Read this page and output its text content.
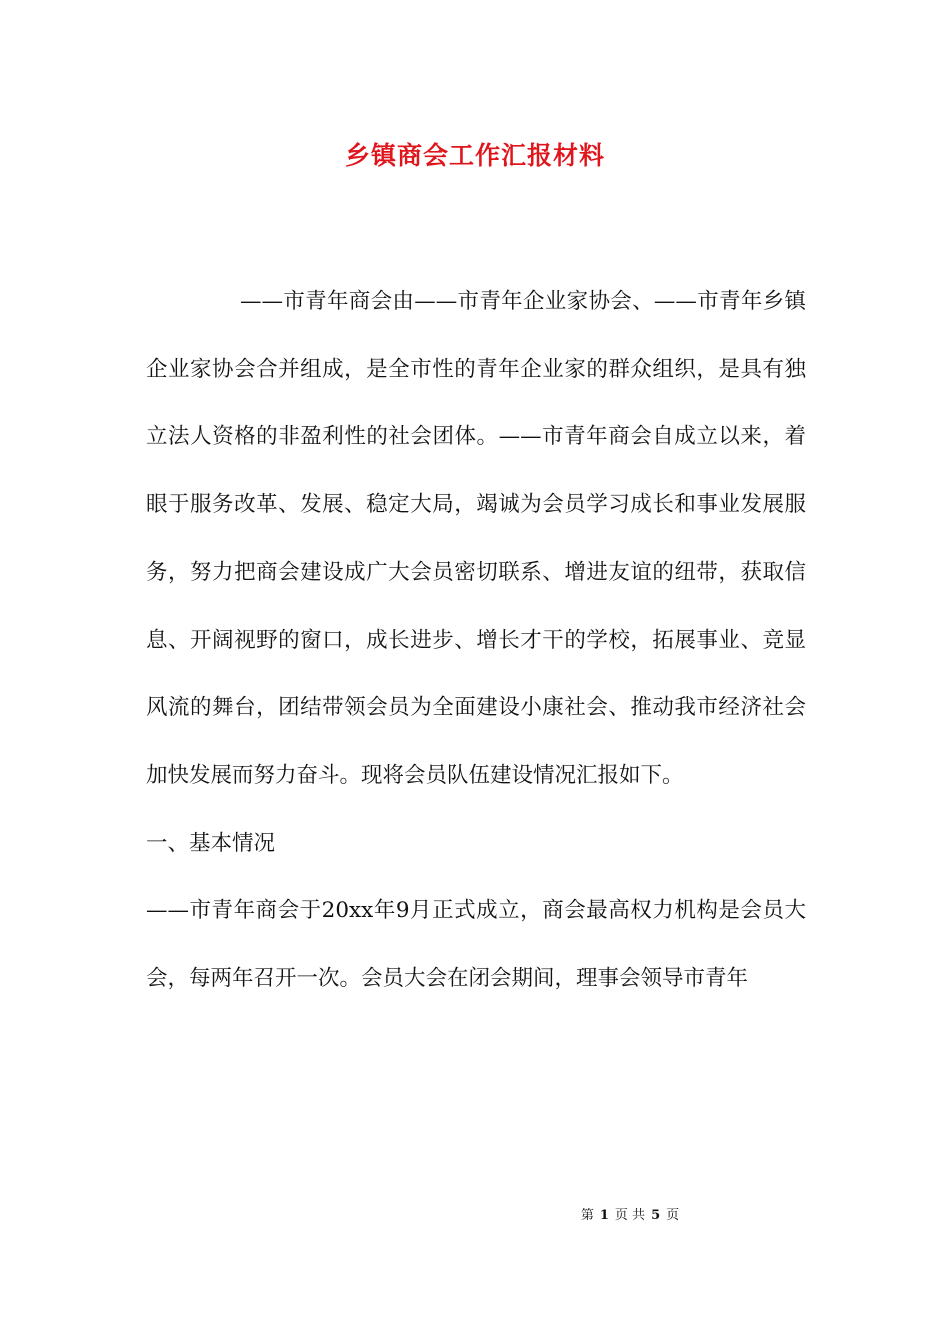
乡镇商会工作汇报材料

——市青年商会由——市青年企业家协会、——市青年乡镇企业家协会合并组成，是全市性的青年企业家的群众组织，是具有独立法人资格的非盈利性的社会团体。——市青年商会自成立以来，着眼于服务改革、发展、稳定大局，竭诚为会员学习成长和事业发展服务，努力把商会建设成广大会员密切联系、增进友谊的纽带，获取信息、开阔视野的窗口，成长进步、增长才干的学校，拓展事业、竞显风流的舞台，团结带领会员为全面建设小康社会、推动我市经济社会加快发展而努力奋斗。现将会员队伍建设情况汇报如下。

一、基本情况

——市青年商会于20xx年9月正式成立，商会最高权力机构是会员大会，每两年召开一次。会员大会在闭会期间，理事会领导市青年

第 1 页 共 5 页
